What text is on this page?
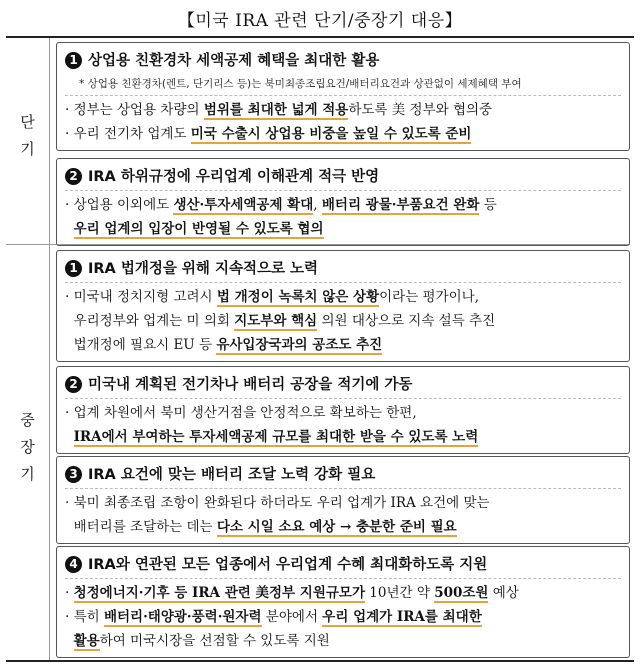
【미국 IRA 관련 단기/중장기 대응】
단기
중장기
1 상업용 친환경차 세액공제 혜택을 최대한 활용
* 상업용 친환경차(렌트, 단기리스 등)는 북미최종조립요건/배터리요건과 상관없이 세제혜택 부여
· 정부는 상업용 차량의 범위를 최대한 넓게 적용하도록 美 정부와 협의중
· 우리 전기차 업계도 미국 수출시 상업용 비중을 높일 수 있도록 준비
2 IRA 하위규정에 우리업계 이해관계 적극 반영
· 상업용 이외에도 생산·투자세액공제 확대, 배터리 광물·부품요건 완화 등
우리 업계의 입장이 반영될 수 있도록 협의
1 IRA 법개정을 위해 지속적으로 노력
· 미국내 정치지형 고려시 법 개정이 녹록치 않은 상황이라는 평가이나,
우리정부와 업계는 미 의회 지도부와 핵심 의원 대상으로 지속 설득 추진
법개정에 필요시 EU 등 유사입장국과의 공조도 추진
2 미국내 계획된 전기차나 배터리 공장을 적기에 가동
· 업계 차원에서 북미 생산거점을 안정적으로 확보하는 한편,
IRA에서 부여하는 투자세액공제 규모를 최대한 받을 수 있도록 노력
3 IRA 요건에 맞는 배터리 조달 노력 강화 필요
· 북미 최종조립 조항이 완화된다 하더라도 우리 업계가 IRA 요건에 맞는
배터리를 조달하는 데는 다소 시일 소요 예상 → 충분한 준비 필요
4 IRA와 연관된 모든 업종에서 우리업계 수혜 최대화하도록 지원
· 청정에너지·기후 등 IRA 관련 美정부 지원규모가 10년간 약 500조원 예상
· 특히 배터리·태양광·풍력·원자력 분야에서 우리 업계가 IRA를 최대한
활용하여 미국시장을 선점할 수 있도록 지원
